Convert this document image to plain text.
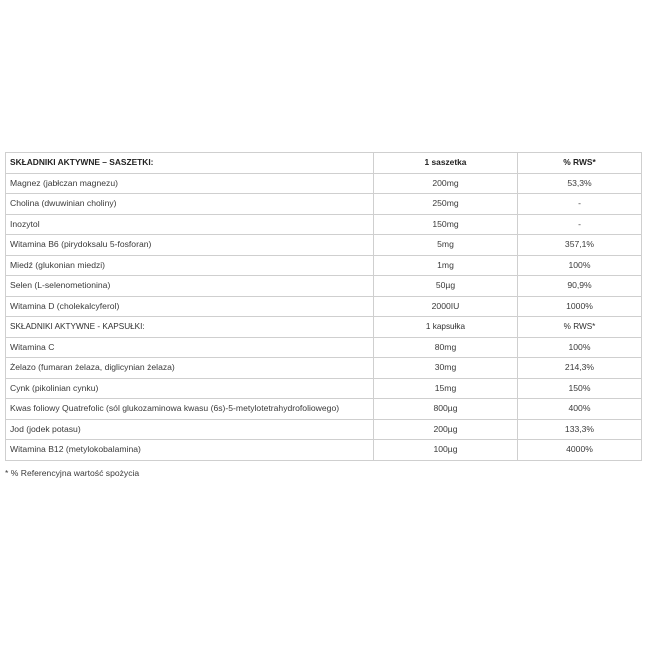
SKŁADNIKI AKTYWNE – SASZETKI:	1 saszetka	% RWS*
Magnez (jabłczan magnezu)	200mg	53,3%
Cholina (dwuwinian choliny)	250mg	-
Inozytol	150mg	-
Witamina B6 (pirydoksalu 5-fosforan)	5mg	357,1%
Miedź (glukonian miedzi)	1mg	100%
Selen (L-selenometionina)	50µg	90,9%
Witamina D (cholekalcyferol)	2000IU	1000%
SKŁADNIKI AKTYWNE - KAPSUŁKI:	1 kapsułka	% RWS*
Witamina C	80mg	100%
Żelazo (fumaran żelaza, diglicynian żelaza)	30mg	214,3%
Cynk (pikolinian cynku)	15mg	150%
Kwas foliowy Quatrefolic (sól glukozaminowa kwasu (6s)-5-metylotetrahydrofoliowego)	800µg	400%
Jod (jodek potasu)	200µg	133,3%
Witamina B12 (metylokobalamina)	100µg	4000%
* % Referencyjna wartość spożycia
